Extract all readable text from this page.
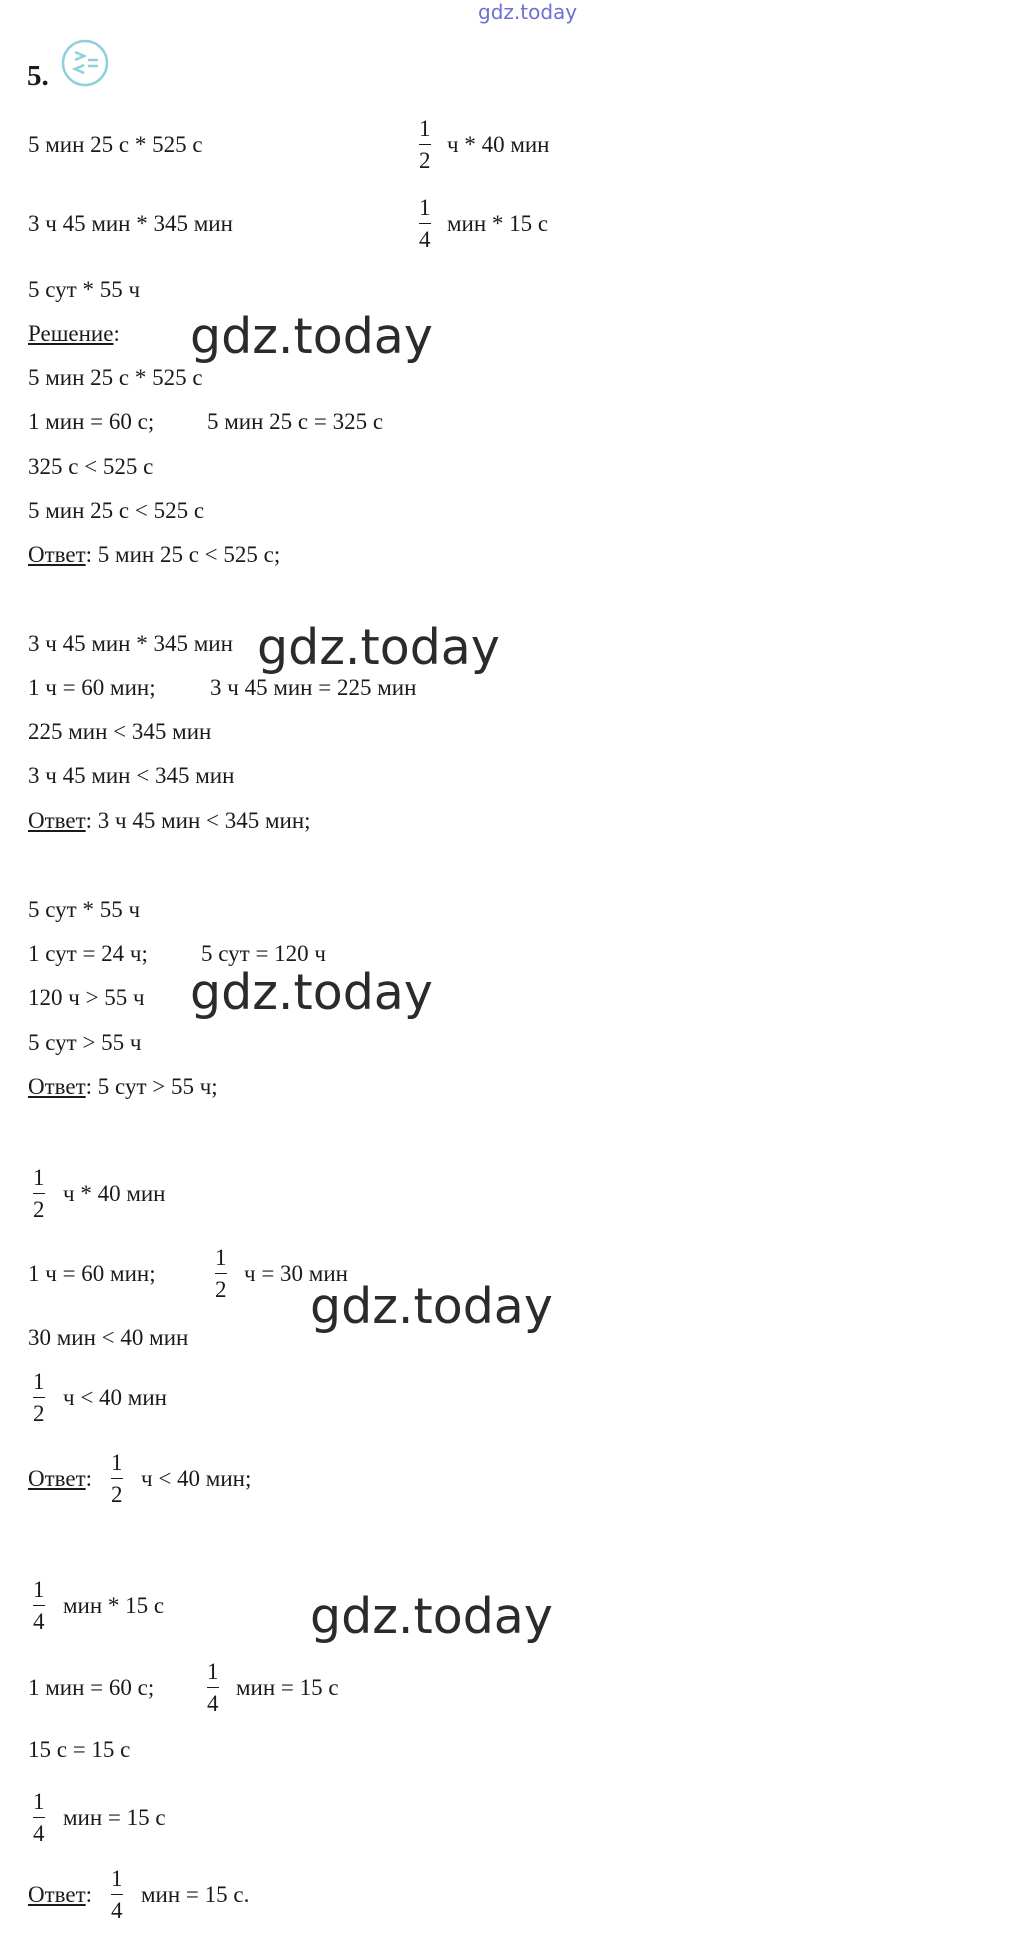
gdz.today
5.
5 мин 25 с * 525 с
1
2
ч * 40 мин
3 ч 45 мин * 345 мин
1
4
мин * 15 с
5 сут * 55 ч
Решение:
5 мин 25 с * 525 с
1 мин = 60 с; 5 мин 25 с = 325 с
325 с < 525 с
5 мин 25 с < 525 с
Ответ: 5 мин 25 с < 525 с;
3 ч 45 мин * 345 мин
1 ч = 60 мин; 3 ч 45 мин = 225 мин
225 мин < 345 мин
3 ч 45 мин < 345 мин
Ответ: 3 ч 45 мин < 345 мин;
5 сут * 55 ч
1 сут = 24 ч; 5 сут = 120 ч
120 ч > 55 ч
5 сут > 55 ч
Ответ: 5 сут > 55 ч;
1
2
ч * 40 мин
1 ч = 60 мин;
1
2
ч = 30 мин
30 мин < 40 мин
1
2
ч < 40 мин
Ответ:
1
2
ч < 40 мин;
1
4
мин * 15 с
1 мин = 60 с;
1
4
мин = 15 с
15 с = 15 с
1
4
мин = 15 с
Ответ:
1
4
мин = 15 с.
gdz.today
gdz.today
gdz.today
gdz.today
gdz.today
